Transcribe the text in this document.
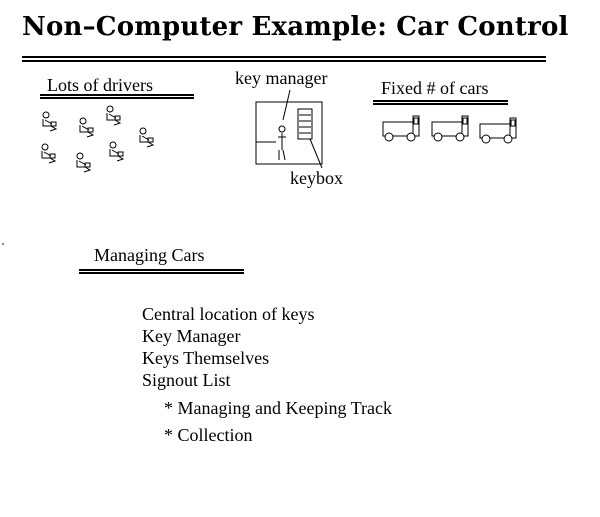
Non–Computer Example: Car Control
Lots of drivers	key manager
keybox
Fixed # of cars
Managing Cars
Central location of keys
Key Manager
Keys Themselves
Signout List
* Managing and Keeping Track
* Collection
